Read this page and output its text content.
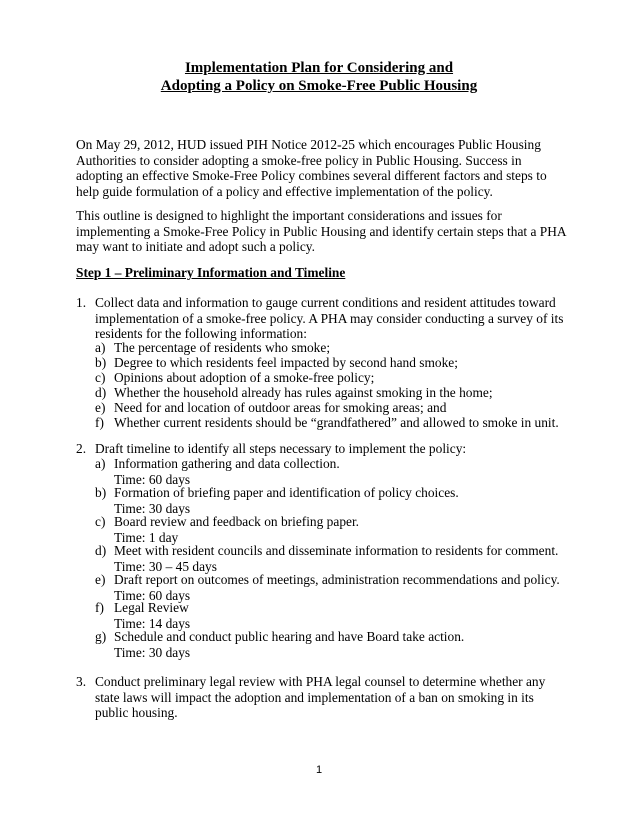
Implementation Plan for Considering and
Adopting a Policy on Smoke-Free Public Housing

On May 29, 2012, HUD issued PIH Notice 2012-25 which encourages Public Housing Authorities to consider adopting a smoke-free policy in Public Housing. Success in adopting an effective Smoke-Free Policy combines several different factors and steps to help guide formulation of a policy and effective implementation of the policy.

This outline is designed to highlight the important considerations and issues for implementing a Smoke-Free Policy in Public Housing and identify certain steps that a PHA may want to initiate and adopt such a policy.

Step 1 – Preliminary Information and Timeline
1. Collect data and information to gauge current conditions and resident attitudes toward implementation of a smoke-free policy. A PHA may consider conducting a survey of its residents for the following information:
a) The percentage of residents who smoke;
b) Degree to which residents feel impacted by second hand smoke;
c) Opinions about adoption of a smoke-free policy;
d) Whether the household already has rules against smoking in the home;
e) Need for and location of outdoor areas for smoking areas; and
f) Whether current residents should be “grandfathered” and allowed to smoke in unit.
2. Draft timeline to identify all steps necessary to implement the policy:
a) Information gathering and data collection.
Time: 60 days
b) Formation of briefing paper and identification of policy choices.
Time: 30 days
c) Board review and feedback on briefing paper.
Time: 1 day
d) Meet with resident councils and disseminate information to residents for comment.
Time: 30 – 45 days
e) Draft report on outcomes of meetings, administration recommendations and policy.
Time: 60 days
f) Legal Review
Time: 14 days
g) Schedule and conduct public hearing and have Board take action.
Time: 30 days
3. Conduct preliminary legal review with PHA legal counsel to determine whether any state laws will impact the adoption and implementation of a ban on smoking in its public housing.
1
